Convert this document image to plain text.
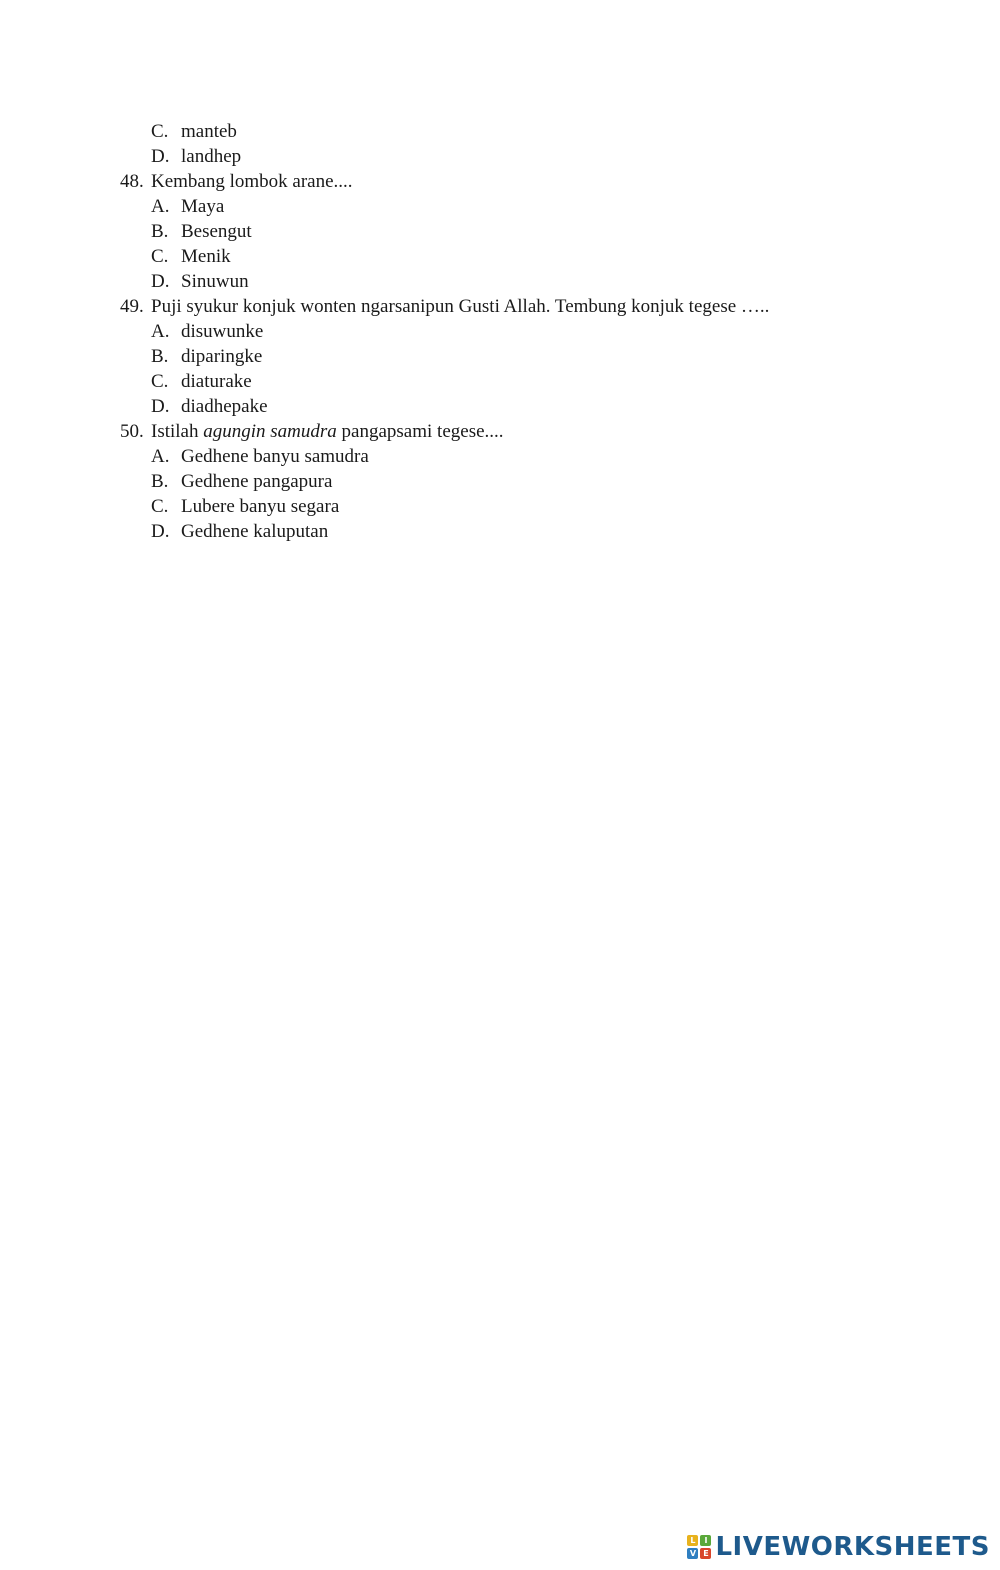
C. manteb
D. landhep
48. Kembang lombok arane....
A. Maya
B. Besengut
C. Menik
D. Sinuwun
49. Puji syukur konjuk wonten ngarsanipun Gusti Allah. Tembung konjuk tegese …..
A. disuwunke
B. diparingke
C. diaturake
D. diadhepake
50. Istilah agungin samudra pangapsami tegese....
A. Gedhene banyu samudra
B. Gedhene pangapura
C. Lubere banyu segara
D. Gedhene kaluputan
L	I
V E LIVEWORKSHEETS
